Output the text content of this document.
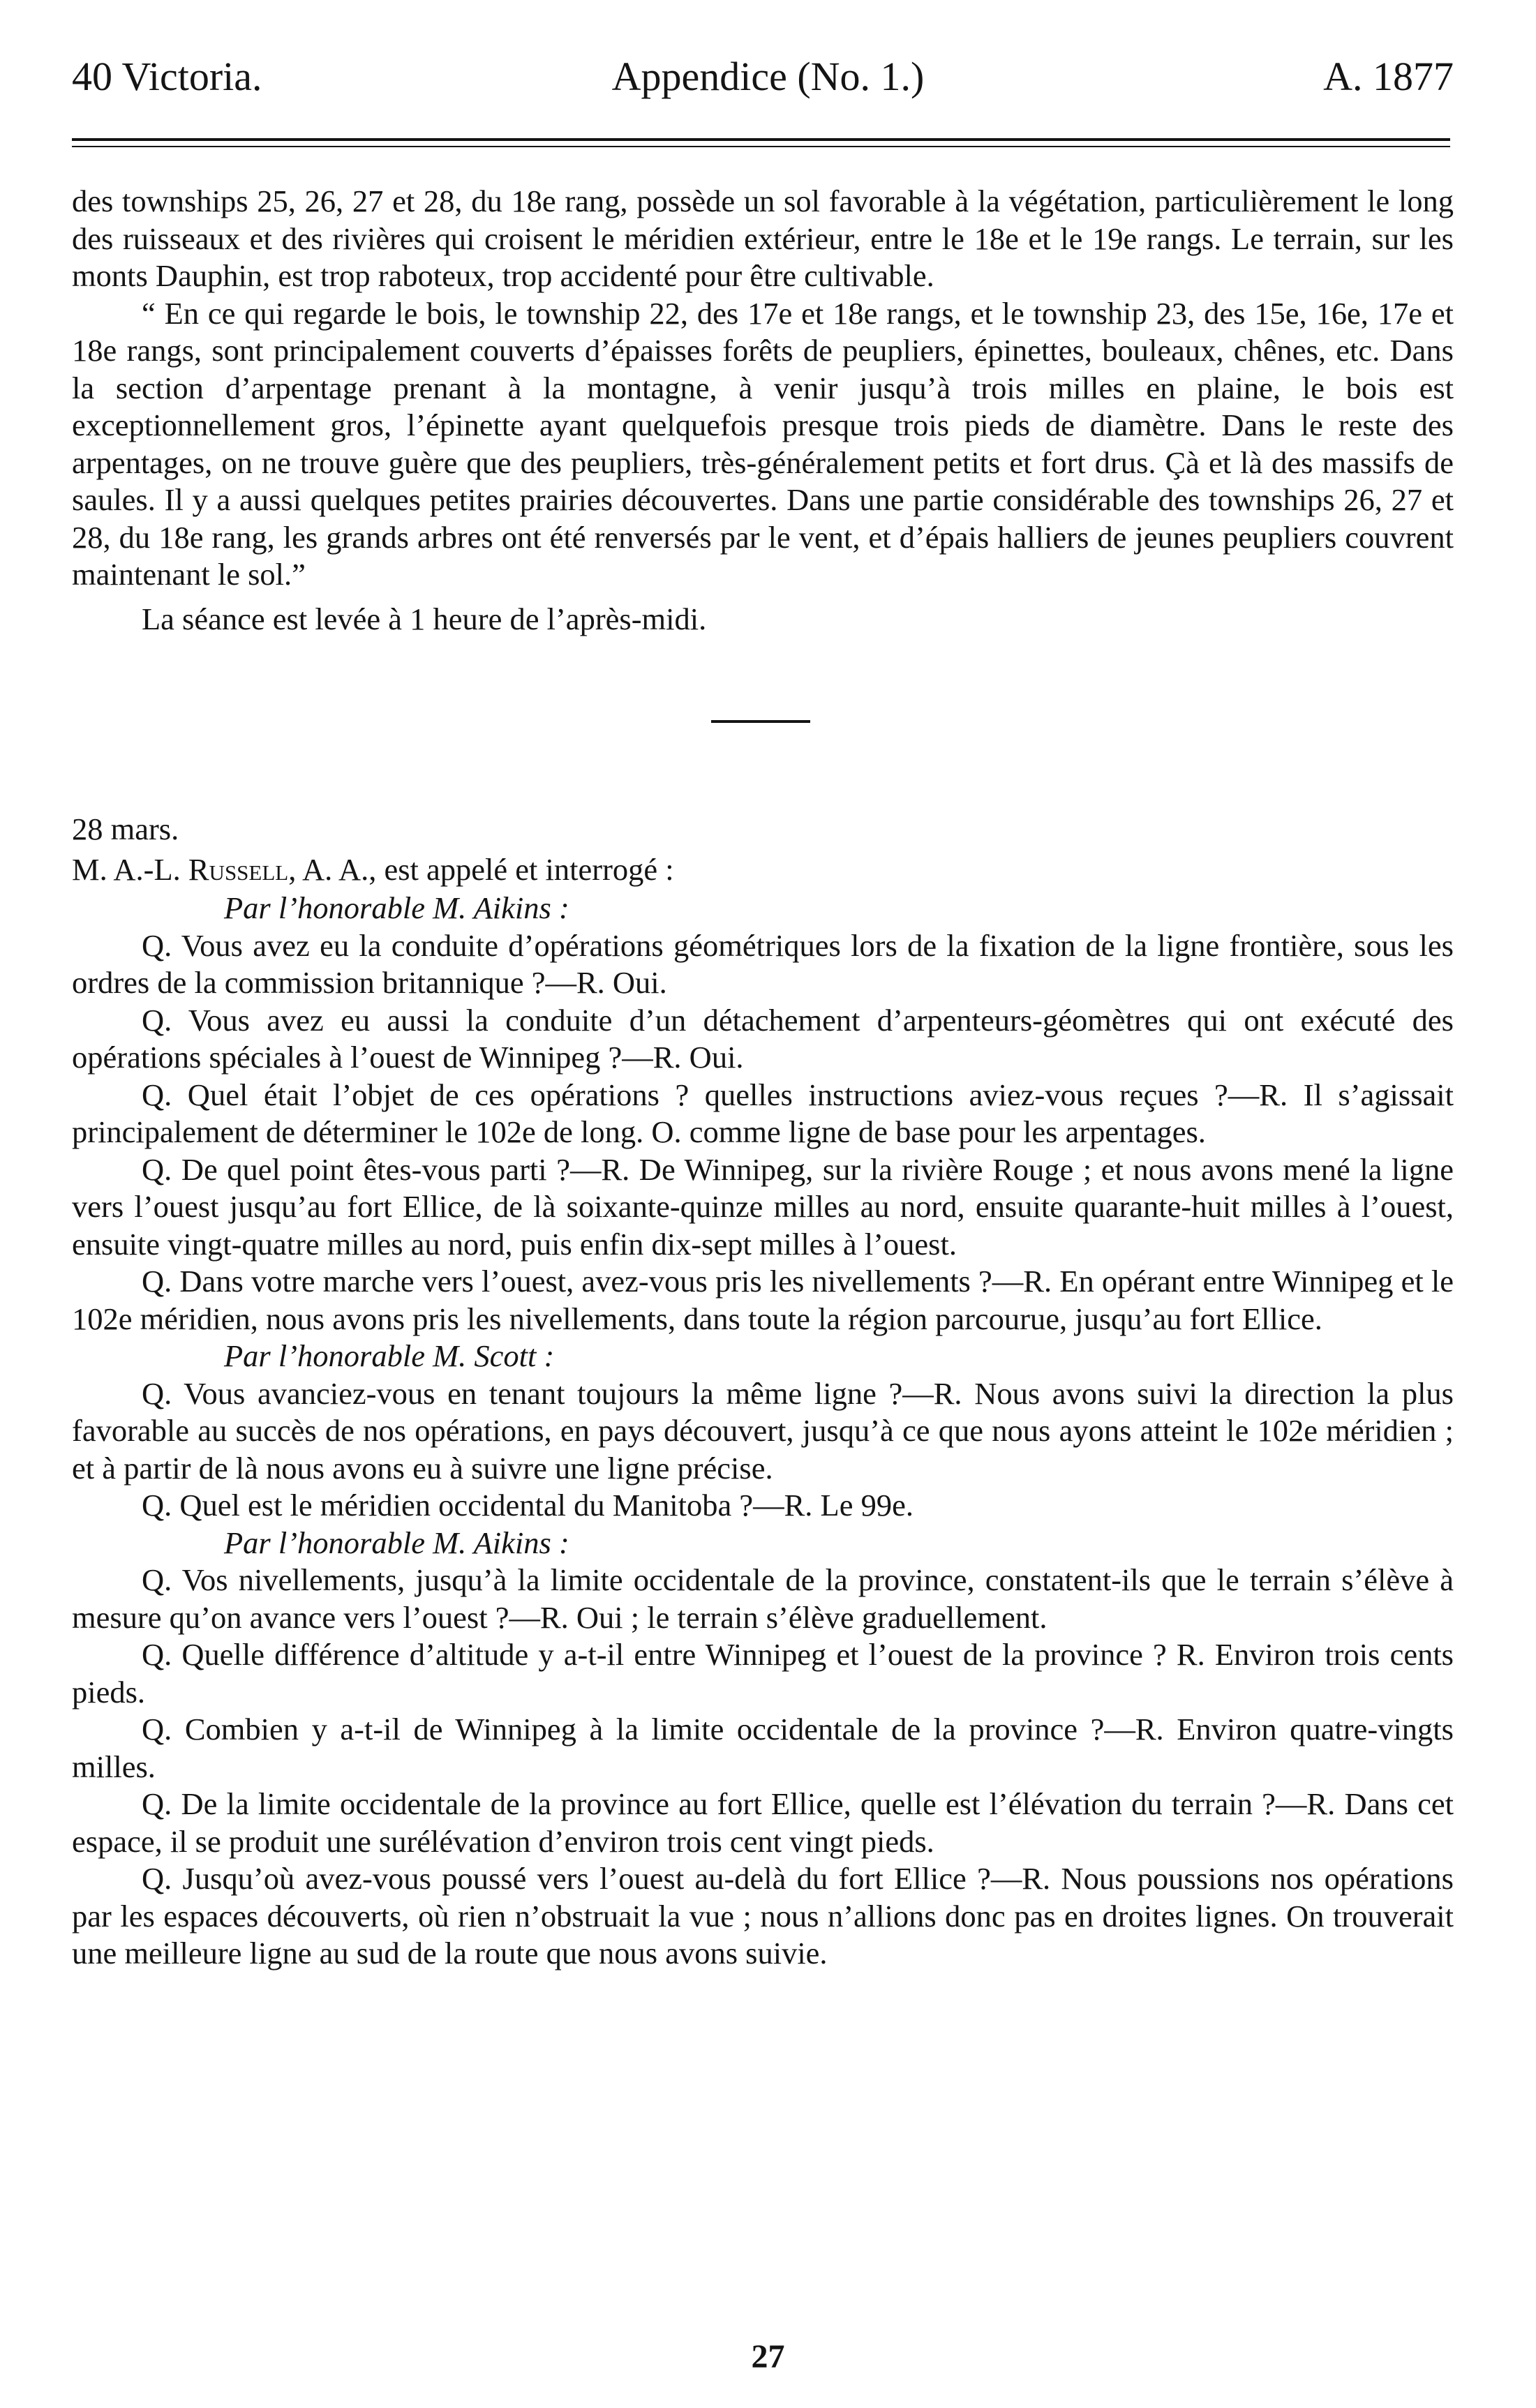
40 Victoria.	Appendice (No. 1.)	A. 1877

des townships 25, 26, 27 et 28, du 18e rang, possède un sol favorable à la végétation, particulièrement le long des ruisseaux et des rivières qui croisent le méridien extérieur, entre le 18e et le 19e rangs. Le terrain, sur les monts Dauphin, est trop raboteux, trop accidenté pour être cultivable.

“ En ce qui regarde le bois, le township 22, des 17e et 18e rangs, et le township 23, des 15e, 16e, 17e et 18e rangs, sont principalement couverts d’épaisses forêts de peupliers, épinettes, bouleaux, chênes, etc. Dans la section d’arpentage prenant à la montagne, à venir jusqu’à trois milles en plaine, le bois est exceptionnellement gros, l’épinette ayant quelquefois presque trois pieds de diamètre. Dans le reste des arpentages, on ne trouve guère que des peupliers, très-généralement petits et fort drus. Çà et là des massifs de saules. Il y a aussi quelques petites prairies découvertes. Dans une partie considérable des townships 26, 27 et 28, du 18e rang, les grands arbres ont été renversés par le vent, et d’épais halliers de jeunes peupliers couvrent maintenant le sol.”

La séance est levée à 1 heure de l’après-midi.

28 mars.

M. A.-L. Russell, A. A., est appelé et interrogé :

Par l’honorable M. Aikins :

Q. Vous avez eu la conduite d’opérations géométriques lors de la fixation de la ligne frontière, sous les ordres de la commission britannique ?—R. Oui.

Q. Vous avez eu aussi la conduite d’un détachement d’arpenteurs-géomètres qui ont exécuté des opérations spéciales à l’ouest de Winnipeg ?—R. Oui.

Q. Quel était l’objet de ces opérations ? quelles instructions aviez-vous reçues ?—R. Il s’agissait principalement de déterminer le 102e de long. O. comme ligne de base pour les arpentages.

Q. De quel point êtes-vous parti ?—R. De Winnipeg, sur la rivière Rouge ; et nous avons mené la ligne vers l’ouest jusqu’au fort Ellice, de là soixante-quinze milles au nord, ensuite quarante-huit milles à l’ouest, ensuite vingt-quatre milles au nord, puis enfin dix-sept milles à l’ouest.

Q. Dans votre marche vers l’ouest, avez-vous pris les nivellements ?—R. En opérant entre Winnipeg et le 102e méridien, nous avons pris les nivellements, dans toute la région parcourue, jusqu’au fort Ellice.

Par l’honorable M. Scott :

Q. Vous avanciez-vous en tenant toujours la même ligne ?—R. Nous avons suivi la direction la plus favorable au succès de nos opérations, en pays découvert, jusqu’à ce que nous ayons atteint le 102e méridien ; et à partir de là nous avons eu à suivre une ligne précise.

Q. Quel est le méridien occidental du Manitoba ?—R. Le 99e.

Par l’honorable M. Aikins :

Q. Vos nivellements, jusqu’à la limite occidentale de la province, constatent-ils que le terrain s’élève à mesure qu’on avance vers l’ouest ?—R. Oui ; le terrain s’élève graduellement.

Q. Quelle différence d’altitude y a-t-il entre Winnipeg et l’ouest de la province ? R. Environ trois cents pieds.

Q. Combien y a-t-il de Winnipeg à la limite occidentale de la province ?—R. Environ quatre-vingts milles.

Q. De la limite occidentale de la province au fort Ellice, quelle est l’élévation du terrain ?—R. Dans cet espace, il se produit une surélévation d’environ trois cent vingt pieds.

Q. Jusqu’où avez-vous poussé vers l’ouest au-delà du fort Ellice ?—R. Nous poussions nos opérations par les espaces découverts, où rien n’obstruait la vue ; nous n’allions donc pas en droites lignes. On trouverait une meilleure ligne au sud de la route que nous avons suivie.

27
